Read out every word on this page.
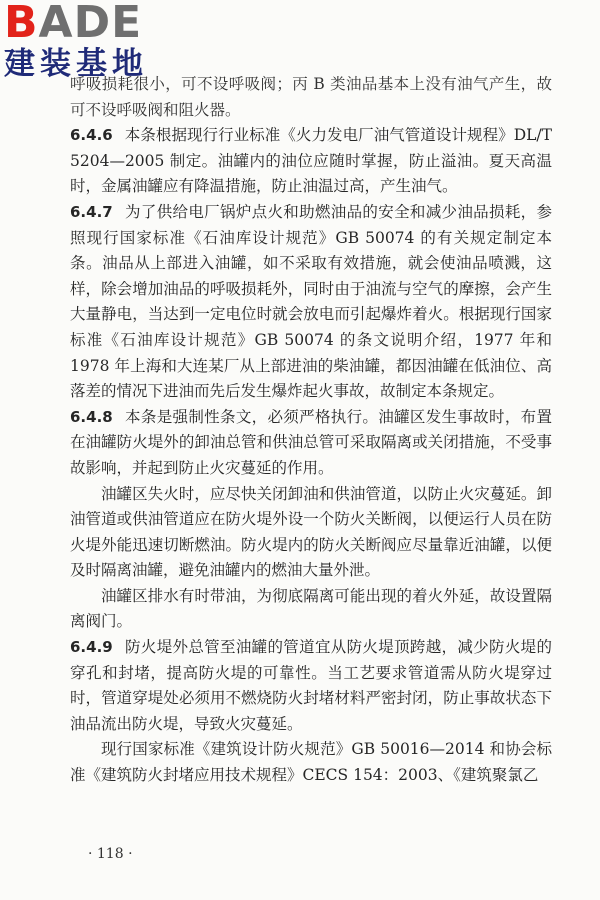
BADE
建装基地

呼吸损耗很小，可不设呼吸阀；丙 B 类油品基本上没有油气产生，故可不设呼吸阀和阻火器。

6.4.6 本条根据现行行业标准《火力发电厂油气管道设计规程》DL/T 5204—2005 制定。油罐内的油位应随时掌握，防止溢油。夏天高温时，金属油罐应有降温措施，防止油温过高，产生油气。

6.4.7 为了供给电厂锅炉点火和助燃油品的安全和减少油品损耗，参照现行国家标准《石油库设计规范》GB 50074 的有关规定制定本条。油品从上部进入油罐，如不采取有效措施，就会使油品喷溅，这样，除会增加油品的呼吸损耗外，同时由于油流与空气的摩擦，会产生大量静电，当达到一定电位时就会放电而引起爆炸着火。根据现行国家标准《石油库设计规范》GB 50074 的条文说明介绍，1977 年和 1978 年上海和大连某厂从上部进油的柴油罐，都因油罐在低油位、高落差的情况下进油而先后发生爆炸起火事故，故制定本条规定。

6.4.8 本条是强制性条文，必须严格执行。油罐区发生事故时，布置在油罐防火堤外的卸油总管和供油总管可采取隔离或关闭措施，不受事故影响，并起到防止火灾蔓延的作用。

油罐区失火时，应尽快关闭卸油和供油管道，以防止火灾蔓延。卸油管道或供油管道应在防火堤外设一个防火关断阀，以便运行人员在防火堤外能迅速切断燃油。防火堤内的防火关断阀应尽量靠近油罐，以便及时隔离油罐，避免油罐内的燃油大量外泄。

油罐区排水有时带油，为彻底隔离可能出现的着火外延，故设置隔离阀门。

6.4.9 防火堤外总管至油罐的管道宜从防火堤顶跨越，减少防火堤的穿孔和封堵，提高防火堤的可靠性。当工艺要求管道需从防火堤穿过时，管道穿堤处必须用不燃烧防火封堵材料严密封闭，防止事故状态下油品流出防火堤，导致火灾蔓延。

现行国家标准《建筑设计防火规范》GB 50016—2014 和协会标准《建筑防火封堵应用技术规程》CECS 154：2003、《建筑聚氯乙

· 118 ·
